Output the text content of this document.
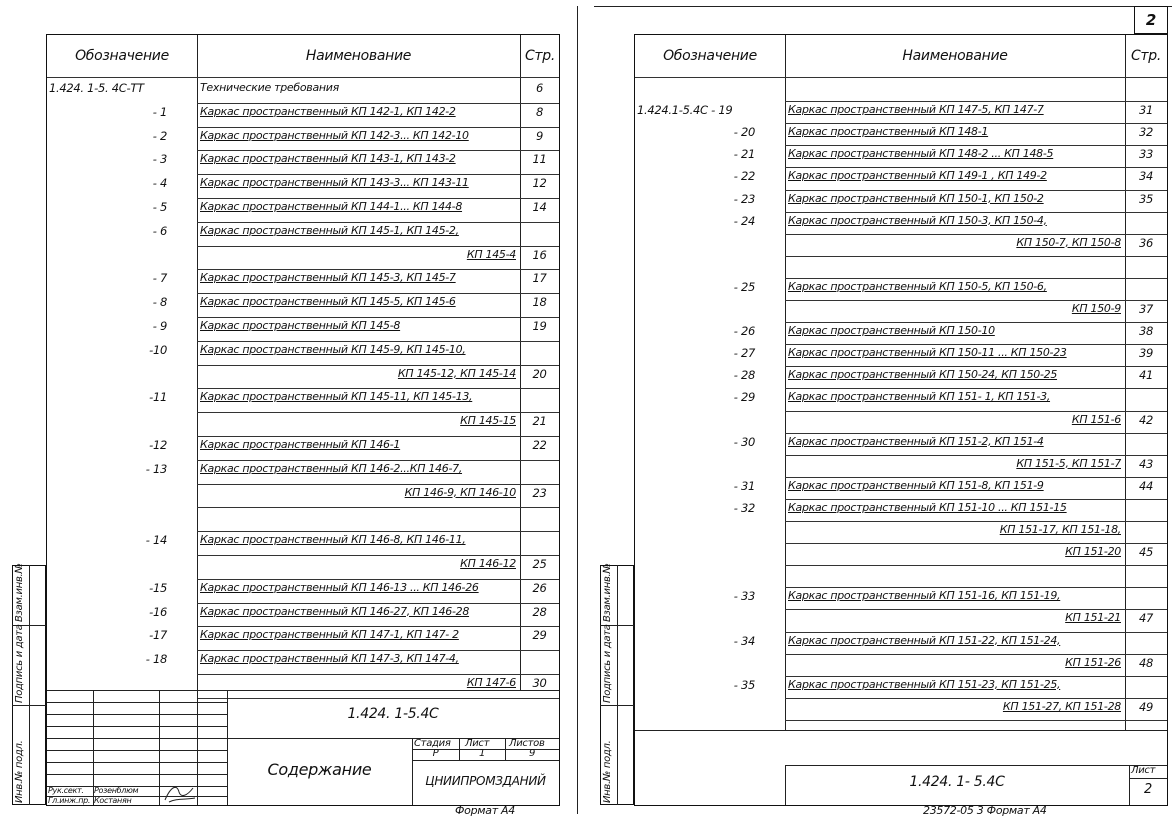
Инв.№ подл.
Подпись и дата
Взам.инв.№
Обозначение	Наименование	Стр.
1.424. 1-5. 4С-ТТ	Технические требования	6
- 1	Каркас пространственный КП 142-1, КП 142-2	8
- 2	Каркас пространственный КП 142-3... КП 142-10	9
- 3	Каркас пространственный КП 143-1, КП 143-2	11
- 4	Каркас пространственный КП 143-3... КП 143-11	12
- 5	Каркас пространственный КП 144-1... КП 144-8	14
- 6	Каркас пространственный КП 145-1, КП 145-2,
КП 145-4	16
- 7	Каркас пространственный КП 145-3, КП 145-7	17
- 8	Каркас пространственный КП 145-5, КП 145-6	18
- 9	Каркас пространственный КП 145-8	19
-10	Каркас пространственный КП 145-9, КП 145-10,
КП 145-12, КП 145-14	20
-11	Каркас пространственный КП 145-11, КП 145-13,
КП 145-15	21
-12	Каркас пространственный КП 146-1	22
- 13	Каркас пространственный КП 146-2...КП 146-7,
КП 146-9, КП 146-10	23
- 14	Каркас пространственный КП 146-8, КП 146-11,
КП 146-12	25
-15	Каркас пространственный КП 146-13 ... КП 146-26	26
-16	Каркас пространственный КП 146-27, КП 146-28	28
-17	Каркас пространственный КП 147-1, КП 147- 2	29
- 18	Каркас пространственный КП 147-3, КП 147-4,
КП 147-6	30
1.424. 1-5.4С
Содержание
Стадия Лист Листов
Р	1	9
ЦНИИПРОМЗДАНИЙ
Рук.сект. Розенблюм
Гл.инж.пр. Костанян
Формат А4
2
Инв.№ подл.
Подпись и дата
Взам.инв.№
Обозначение	Наименование	Стр.
1.424.1-5.4С - 19	Каркас пространственный КП 147-5, КП 147-7	31
- 20	Каркас пространственный КП 148-1	32
- 21	Каркас пространственный КП 148-2 ... КП 148-5	33
- 22	Каркас пространственный КП 149-1 , КП 149-2	34
- 23	Каркас пространственный КП 150-1, КП 150-2	35
- 24	Каркас пространственный КП 150-3, КП 150-4,
КП 150-7, КП 150-8	36
- 25	Каркас пространственный КП 150-5, КП 150-6,
КП 150-9	37
- 26	Каркас пространственный КП 150-10	38
- 27	Каркас пространственный КП 150-11 ... КП 150-23	39
- 28	Каркас пространственный КП 150-24, КП 150-25	41
- 29	Каркас пространственный КП 151- 1, КП 151-3,
КП 151-6	42
- 30	Каркас пространственный КП 151-2, КП 151-4
КП 151-5, КП 151-7	43
- 31	Каркас пространственный КП 151-8, КП 151-9	44
- 32	Каркас пространственный КП 151-10 ... КП 151-15
КП 151-17, КП 151-18,
КП 151-20	45
- 33	Каркас пространственный КП 151-16, КП 151-19,
КП 151-21	47
- 34	Каркас пространственный КП 151-22, КП 151-24,
КП 151-26	48
- 35	Каркас пространственный КП 151-23, КП 151-25,
КП 151-27, КП 151-28	49
1.424. 1- 5.4С
Лист
2
23572-05 3 Формат А4
